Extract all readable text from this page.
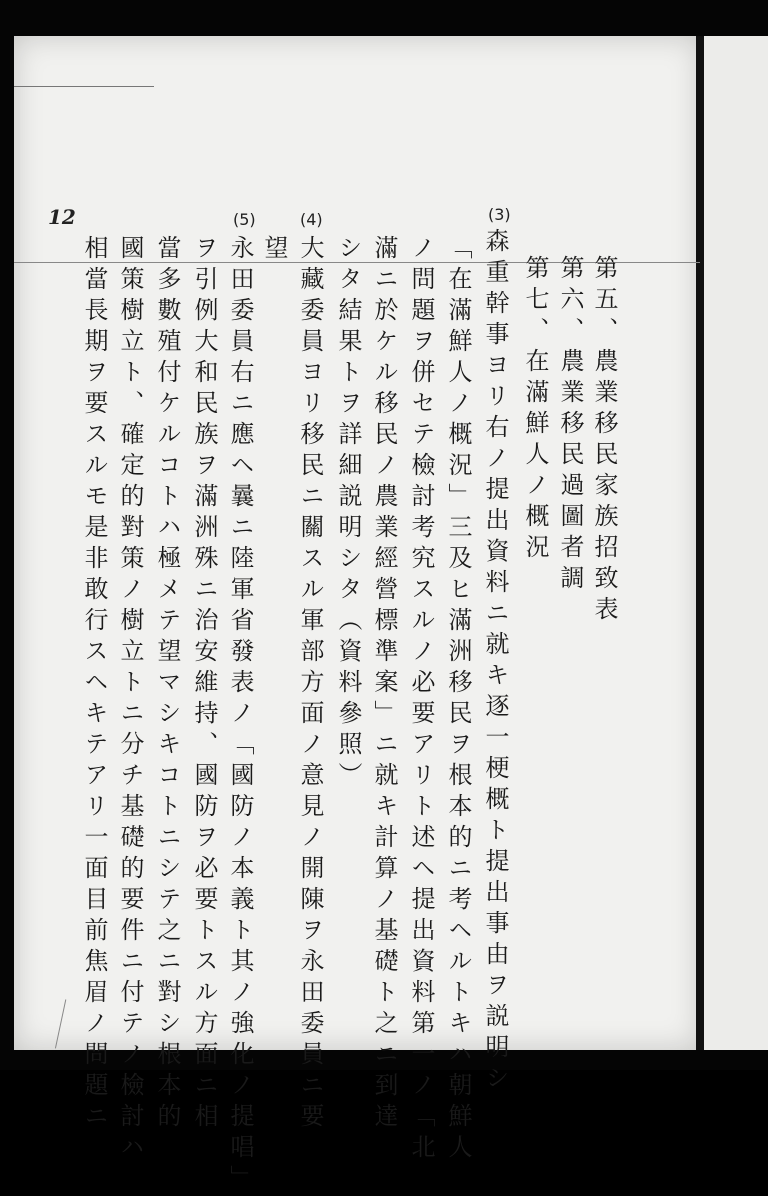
12	(3)
(4)
(5)
第五、農業移民家族招致表
第六、農業移民過圖者調
第七、在滿鮮人ノ概況
森重幹事ヨリ右ノ提出資料ニ就キ逐一梗概ト提出事由ヲ説明シ
「在滿鮮人ノ概況」三及ヒ滿洲移民ヲ根本的ニ考ヘルトキハ朝鮮人
ノ問題ヲ併セテ檢討考究スルノ必要アリト述ヘ提出資料第一ノ「北
滿ニ於ケル移民ノ農業經營標準案」ニ就キ計算ノ基礎ト之ニ到達
シタ結果トヲ詳細説明シタ（資料參照）
大藏委員ヨリ移民ニ關スル軍部方面ノ意見ノ開陳ヲ永田委員ニ要
望
永田委員右ニ應ヘ曩ニ陸軍省發表ノ「國防ノ本義ト其ノ強化ノ提唱」
ヲ引例大和民族ヲ滿洲殊ニ治安維持、國防ヲ必要トスル方面ニ相
當多數殖付ケルコトハ極メテ望マシキコトニシテ之ニ對シ根本的
國策樹立ト、確定的對策ノ樹立トニ分チ基礎的要件ニ付テノ檢討ハ
相當長期ヲ要スルモ是非敢行スヘキテアリ一面目前焦眉ノ問題ニ
